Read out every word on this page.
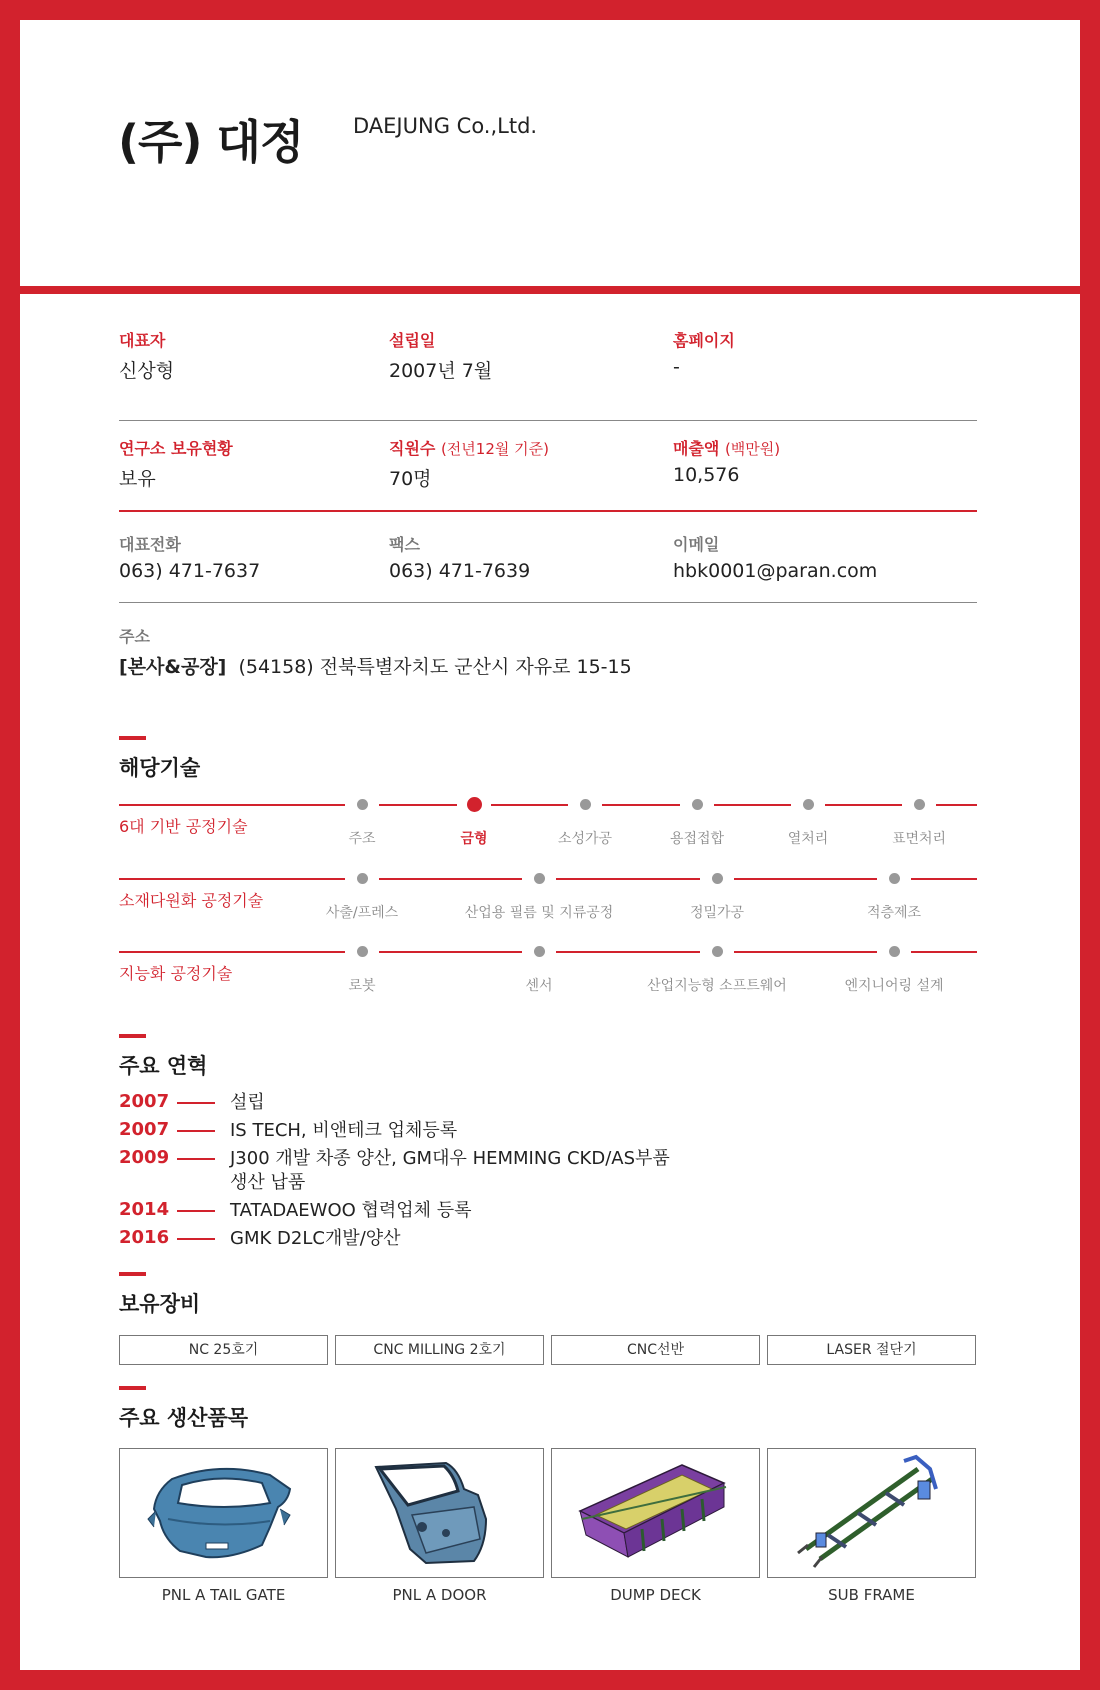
(주) 대정 DAEJUNG Co.,Ltd.
대표자
신상형
설립일
2007년 7월
홈페이지
-
연구소 보유현황
보유
직원수 (전년12월 기준)
70명
매출액 (백만원)
10,576
대표전화
063) 471-7637
팩스
063) 471-7639
이메일
hbk0001@paran.com
주소
[본사&공장] (54158) 전북특별자치도 군산시 자유로 15-15
해당기술
6대 기반 공정기술
주조	금형	소성가공	용접접합	열처리	표면처리
소재다원화 공정기술
사출/프레스	산업용 필름 및 지류공정	정밀가공	적층제조
지능화 공정기술
로봇	센서	산업지능형 소프트웨어	엔지니어링 설계
주요 연혁
2007	설립
2007	IS TECH, 비앤테크 업체등록
2009	J300 개발 차종 양산, GM대우 HEMMING CKD/AS부품
생산 납품
2014	TATADAEWOO 협력업체 등록
2016	GMK D2LC개발/양산
보유장비
NC 25호기	CNC MILLING 2호기	CNC선반	LASER 절단기
주요 생산품목
PNL A TAIL GATE	PNL A DOOR	DUMP DECK	SUB FRAME
